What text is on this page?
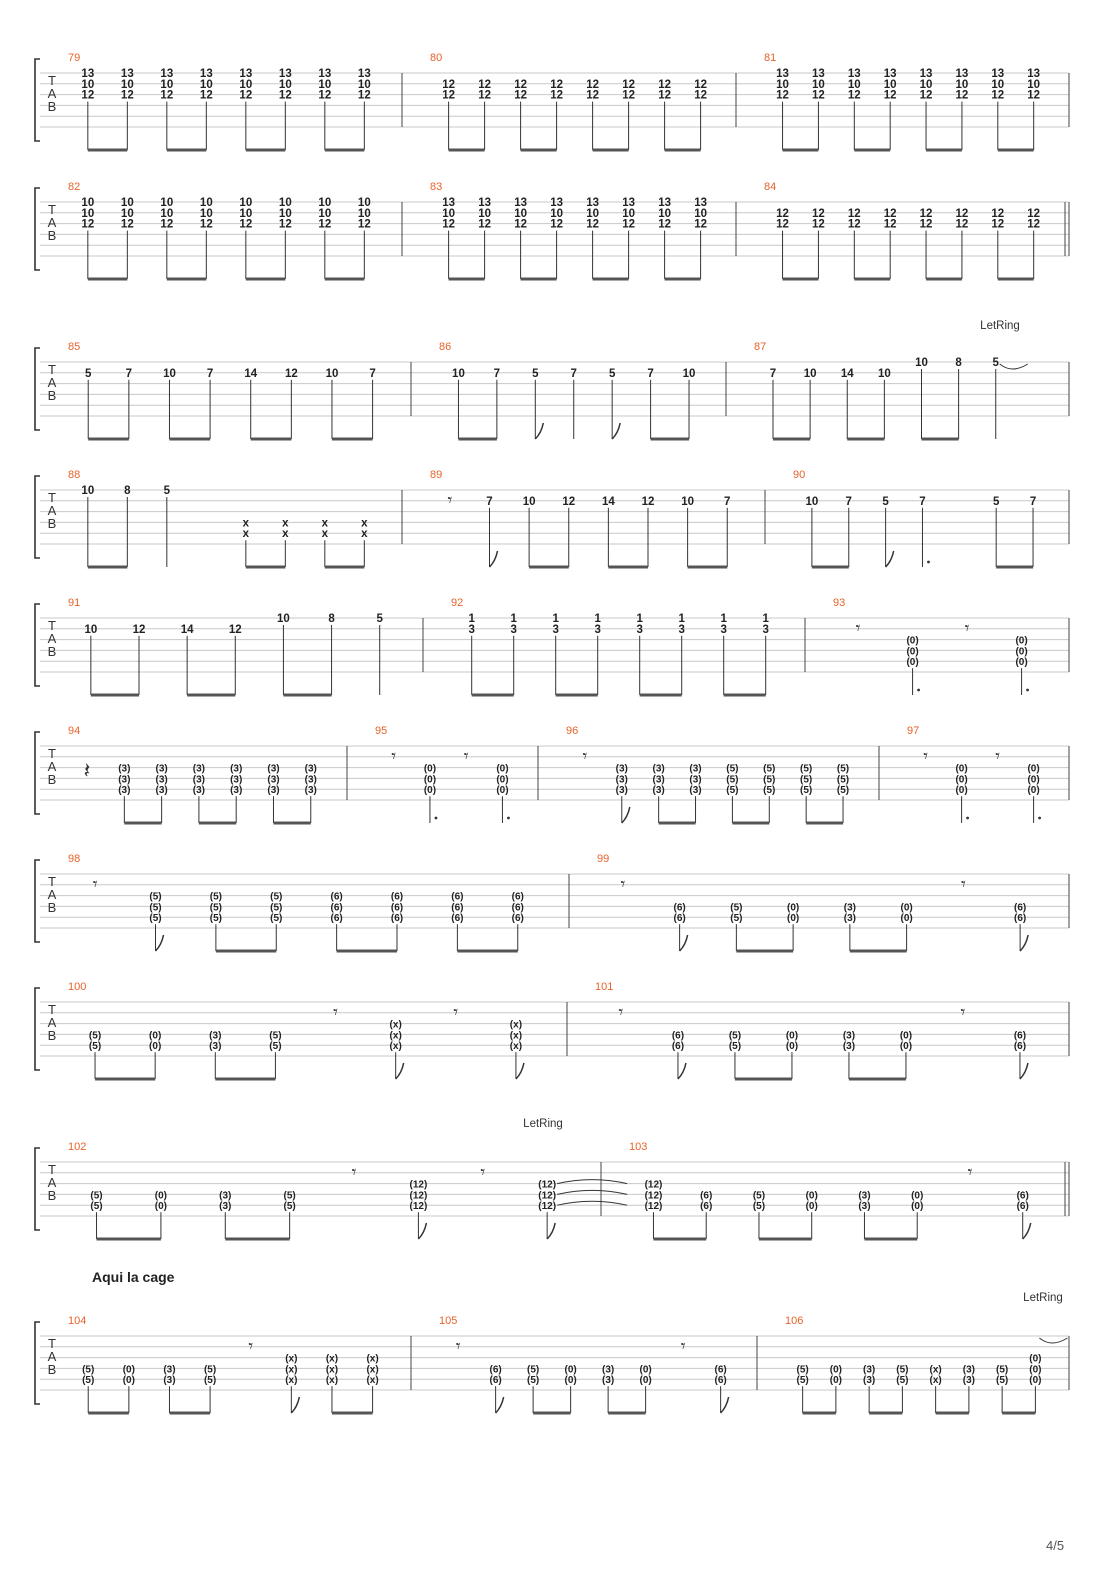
T
A
B
79
13
10
12
13
10
12
13
10
12
13
10
12
13
10
12
13
10
12
13
10
12
13
10
12
80
12
12
12
12
12
12
12
12
12
12
12
12
12
12
12
12
81
13
10
12
13
10
12
13
10
12
13
10
12
13
10
12
13
10
12
13
10
12
13
10
12
T
A
B
82
10
10
12
10
10
12
10
10
12
10
10
12
10
10
12
10
10
12
10
10
12
10
10
12
83
13
10
12
13
10
12
13
10
12
13
10
12
13
10
12
13
10
12
13
10
12
13
10
12
84
12
12
12
12
12
12
12
12
12
12
12
12
12
12
12
12
T
A
B
85
5	7	10	7	14 12 10	7
86
10	7	5	7	5	7	10
87
7 10 14 10
10 8	5
T
A
B
88
10	8	5
x
x
x
x
x
x
x
x
89
𝄾	7	10 12 14 12 10	7
90
10 7	5	7	5	7
T
A
B
91
10	12	14	12
10	8	5
92
1
3
1
3
1
3
1
3
1
3
1
3
1
3
1
3
93
𝄾
(0)
(0)
(0)
𝄾
(0)
(0)
(0)
T
A
B
94
𝄽	(3)
(3)
(3)
(3)
(3)
(3)
(3)
(3)
(3)
(3)
(3)
(3)
(3)
(3)
(3)
(3)
(3)
(3)
95
𝄾
(0)
(0)
(0)
𝄾
(0)
(0)
(0)
96
𝄾
(3)
(3)
(3)
(3)
(3)
(3)
(3)
(3)
(3)
(5)
(5)
(5)
(5)
(5)
(5)
(5)
(5)
(5)
(5)
(5)
(5)
97
𝄾
(0)
(0)
(0)
𝄾
(0)
(0)
(0)
T
A
B
98
𝄾
(5)
(5)
(5)
(5)
(5)
(5)
(5)
(5)
(5)
(6)
(6)
(6)
(6)
(6)
(6)
(6)
(6)
(6)
(6)
(6)
(6)
99
𝄾
(6)
(6)
(5)
(5)
(0)
(0)
(3)
(3)
(0)
(0)
𝄾
(6)
(6)
T
A
B
100
(5)
(5)
(0)
(0)
(3)
(3)
(5)
(5)
𝄾
(x)
(x)
(x)
𝄾
(x)
(x)
(x)
101
𝄾
(6)
(6)
(5)
(5)
(0)
(0)
(3)
(3)
(0)
(0)
𝄾
(6)
(6)
T
A
B
102
(5)
(5)
(0)
(0)
(3)
(3)
(5)
(5)
𝄾
(12)
(12)
(12)
𝄾
(12)
(12)
(12)
103
(12)
(12)
(12)
(6)
(6)
(5)
(5)
(0)
(0)
(3)
(3)
(0)
(0)
𝄾
(6)
(6)
T
A
B
104
(5)
(5)
(0)
(0)
(3)
(3)
(5)
(5)
𝄾
(x)
(x)
(x)
(x)
(x)
(x)
(x)
(x)
(x)
105
𝄾
(6)
(6)
(5)
(5)
(0)
(0)
(3)
(3)
(0)
(0)
𝄾
(6)
(6)
106
(5)
(5)
(0)
(0)
(3)
(3)
(5)
(5)
(x)
(x)
(3)
(3)
(5)
(5)
(0)
(0)
(0)
Aqui la cage
4/5
LetRing
LetRing
LetRing
